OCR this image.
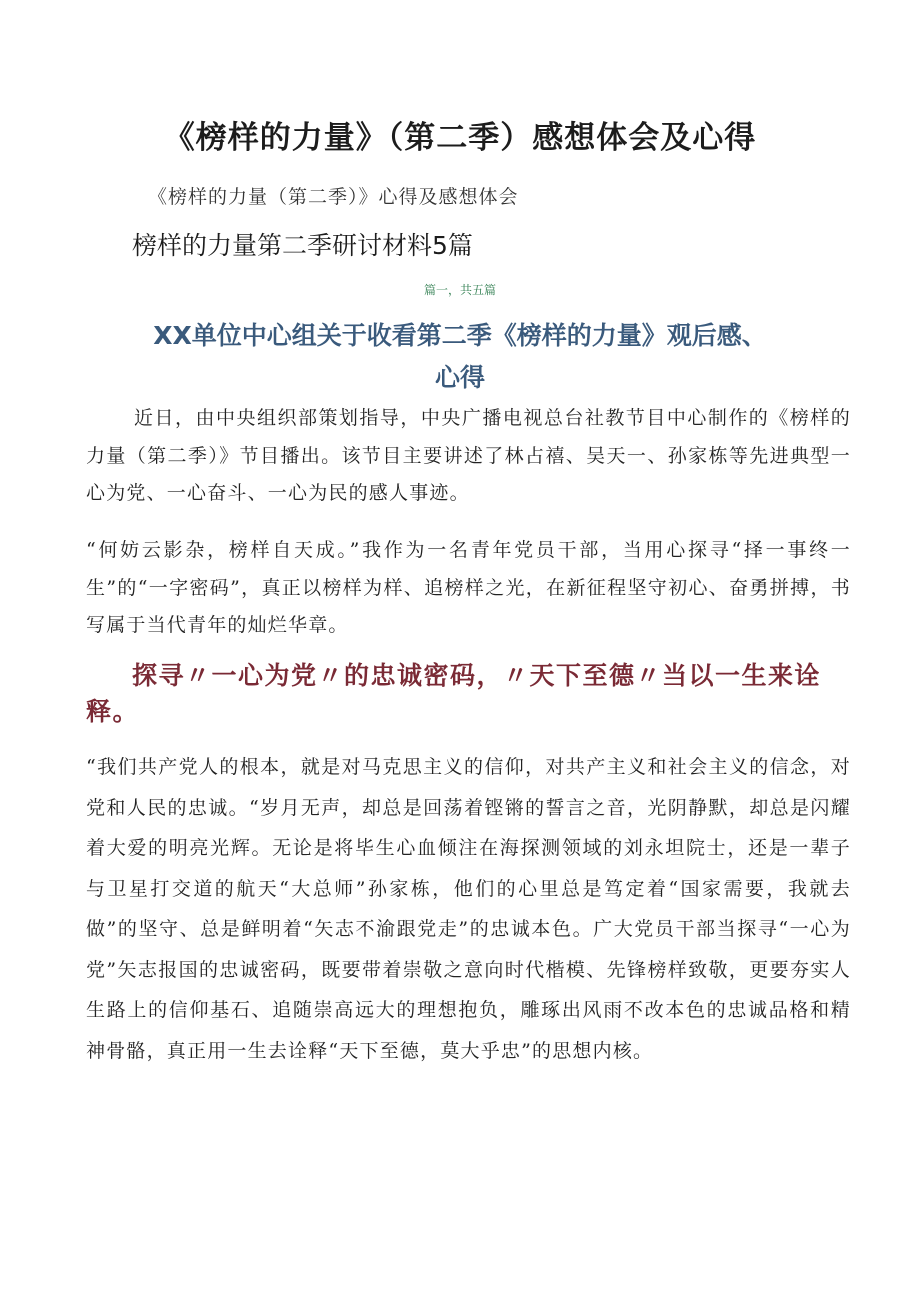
《榜样的力量》（第二季）感想体会及心得

《榜样的力量（第二季）》心得及感想体会

榜样的力量第二季研讨材料5篇

篇一，共五篇

XX单位中心组关于收看第二季《榜样的力量》观后感、
心得

近日，由中央组织部策划指导，中央广播电视总台社教节目中心制作的《榜样的力量（第二季）》节目播出。该节目主要讲述了林占禧、吴天一、孙家栋等先进典型一心为党、一心奋斗、一心为民的感人事迹。

“何妨云影杂，榜样自天成。”我作为一名青年党员干部，当用心探寻“择一事终一生”的“一字密码”，真正以榜样为样、追榜样之光，在新征程坚守初心、奋勇拼搏，书写属于当代青年的灿烂华章。

探寻〃一心为党〃的忠诚密码，〃天下至德〃当以一生来诠释。

“我们共产党人的根本，就是对马克思主义的信仰，对共产主义和社会主义的信念，对党和人民的忠诚。“岁月无声，却总是回荡着铿锵的誓言之音，光阴静默，却总是闪耀着大爱的明亮光辉。无论是将毕生心血倾注在海探测领域的刘永坦院士，还是一辈子与卫星打交道的航天“大总师”孙家栋，他们的心里总是笃定着“国家需要，我就去做”的坚守、总是鲜明着“矢志不渝跟党走”的忠诚本色。广大党员干部当探寻“一心为党”矢志报国的忠诚密码，既要带着崇敬之意向时代楷模、先锋榜样致敬，更要夯实人生路上的信仰基石、追随崇高远大的理想抱负，雕琢出风雨不改本色的忠诚品格和精神骨骼，真正用一生去诠释“天下至德，莫大乎忠”的思想内核。
